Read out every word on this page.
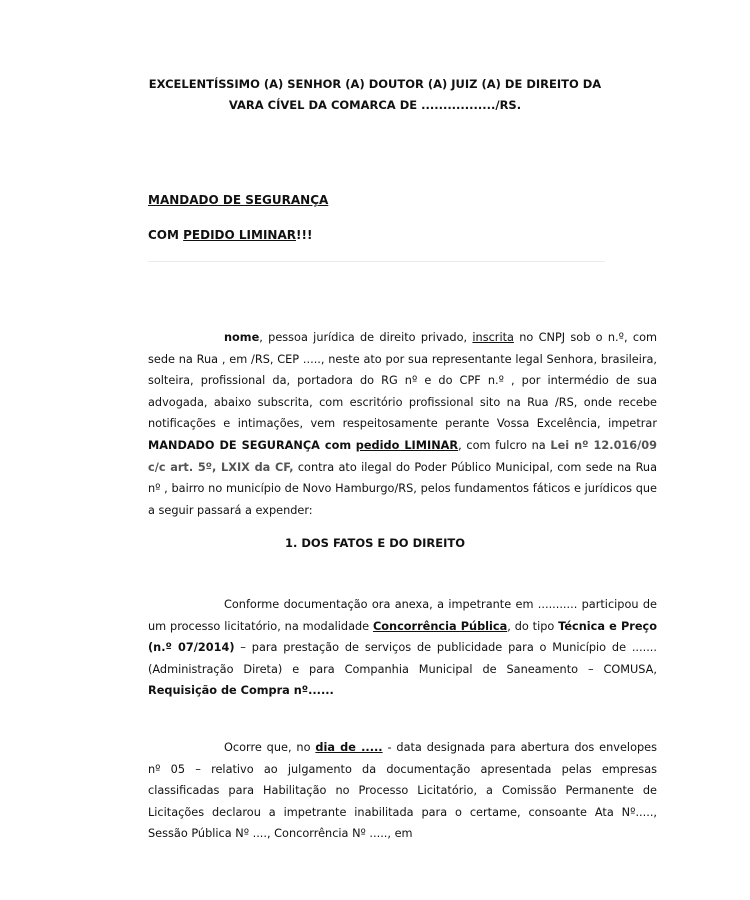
EXCELENTÍSSIMO (A) SENHOR (A) DOUTOR (A) JUIZ (A) DE DIREITO DA
VARA CÍVEL DA COMARCA DE ................./RS.
MANDADO DE SEGURANÇA
COM PEDIDO LIMINAR!!!
nome, pessoa jurídica de direito privado, inscrita no CNPJ sob o n.º, com sede na Rua , em /RS, CEP ....., neste ato por sua representante legal Senhora, brasileira, solteira, profissional da, portadora do RG nº e do CPF n.º , por intermédio de sua advogada, abaixo subscrita, com escritório profissional sito na Rua /RS, onde recebe notificações e intimações, vem respeitosamente perante Vossa Excelência, impetrar MANDADO DE SEGURANÇA com pedido LIMINAR, com fulcro na Lei nº 12.016/09 c/c art. 5º, LXIX da CF, contra ato ilegal do Poder Público Municipal, com sede na Rua nº , bairro no município de Novo Hamburgo/RS, pelos fundamentos fáticos e jurídicos que a seguir passará a expender:
1. DOS FATOS E DO DIREITO
Conforme documentação ora anexa, a impetrante em ........... participou de um processo licitatório, na modalidade Concorrência Pública, do tipo Técnica e Preço (n.º 07/2014) – para prestação de serviços de publicidade para o Município de .......(Administração Direta) e para Companhia Municipal de Saneamento – COMUSA, Requisição de Compra nº......
Ocorre que, no dia de ..... - data designada para abertura dos envelopes nº 05 – relativo ao julgamento da documentação apresentada pelas empresas classificadas para Habilitação no Processo Licitatório, a Comissão Permanente de Licitações declarou a impetrante inabilitada para o certame, consoante Ata Nº....., Sessão Pública Nº ...., Concorrência Nº ....., em
